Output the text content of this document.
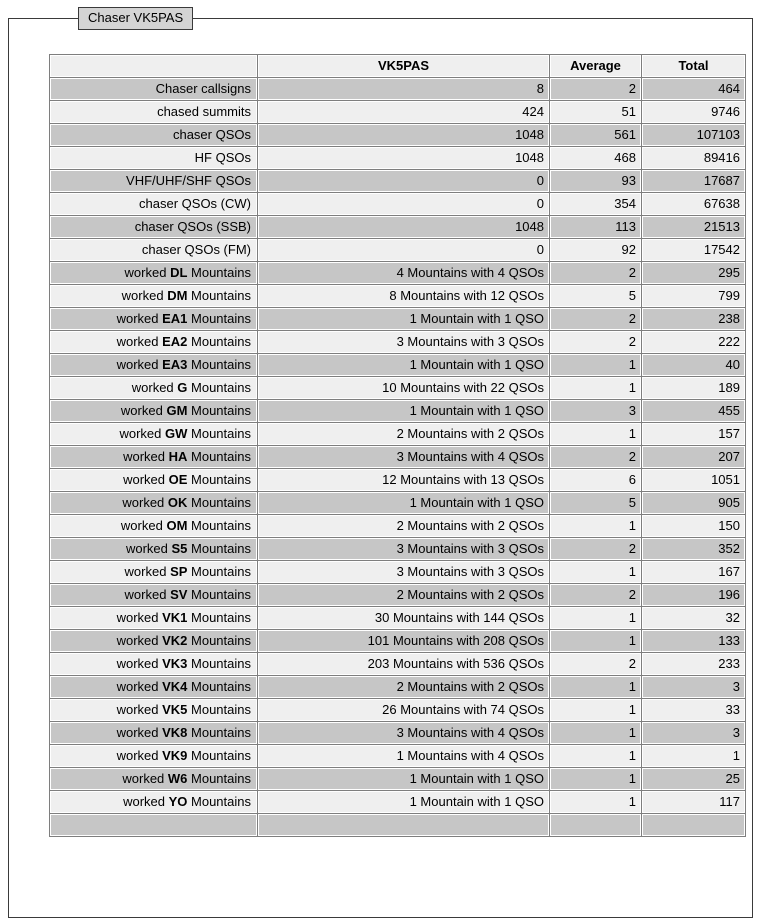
Chaser VK5PAS
	VK5PAS	Average	Total
Chaser callsigns	8	2	464
chased summits	424	51	9746
chaser QSOs	1048	561	107103
HF QSOs	1048	468	89416
VHF/UHF/SHF QSOs	0	93	17687
chaser QSOs (CW)	0	354	67638
chaser QSOs (SSB)	1048	113	21513
chaser QSOs (FM)	0	92	17542
worked DL Mountains	4 Mountains with 4 QSOs	2	295
worked DM Mountains	8 Mountains with 12 QSOs	5	799
worked EA1 Mountains	1 Mountain with 1 QSO	2	238
worked EA2 Mountains	3 Mountains with 3 QSOs	2	222
worked EA3 Mountains	1 Mountain with 1 QSO	1	40
worked G Mountains	10 Mountains with 22 QSOs	1	189
worked GM Mountains	1 Mountain with 1 QSO	3	455
worked GW Mountains	2 Mountains with 2 QSOs	1	157
worked HA Mountains	3 Mountains with 4 QSOs	2	207
worked OE Mountains	12 Mountains with 13 QSOs	6	1051
worked OK Mountains	1 Mountain with 1 QSO	5	905
worked OM Mountains	2 Mountains with 2 QSOs	1	150
worked S5 Mountains	3 Mountains with 3 QSOs	2	352
worked SP Mountains	3 Mountains with 3 QSOs	1	167
worked SV Mountains	2 Mountains with 2 QSOs	2	196
worked VK1 Mountains	30 Mountains with 144 QSOs	1	32
worked VK2 Mountains	101 Mountains with 208 QSOs	1	133
worked VK3 Mountains	203 Mountains with 536 QSOs	2	233
worked VK4 Mountains	2 Mountains with 2 QSOs	1	3
worked VK5 Mountains	26 Mountains with 74 QSOs	1	33
worked VK8 Mountains	3 Mountains with 4 QSOs	1	3
worked VK9 Mountains	1 Mountains with 4 QSOs	1	1
worked W6 Mountains	1 Mountain with 1 QSO	1	25
worked YO Mountains	1 Mountain with 1 QSO	1	117
